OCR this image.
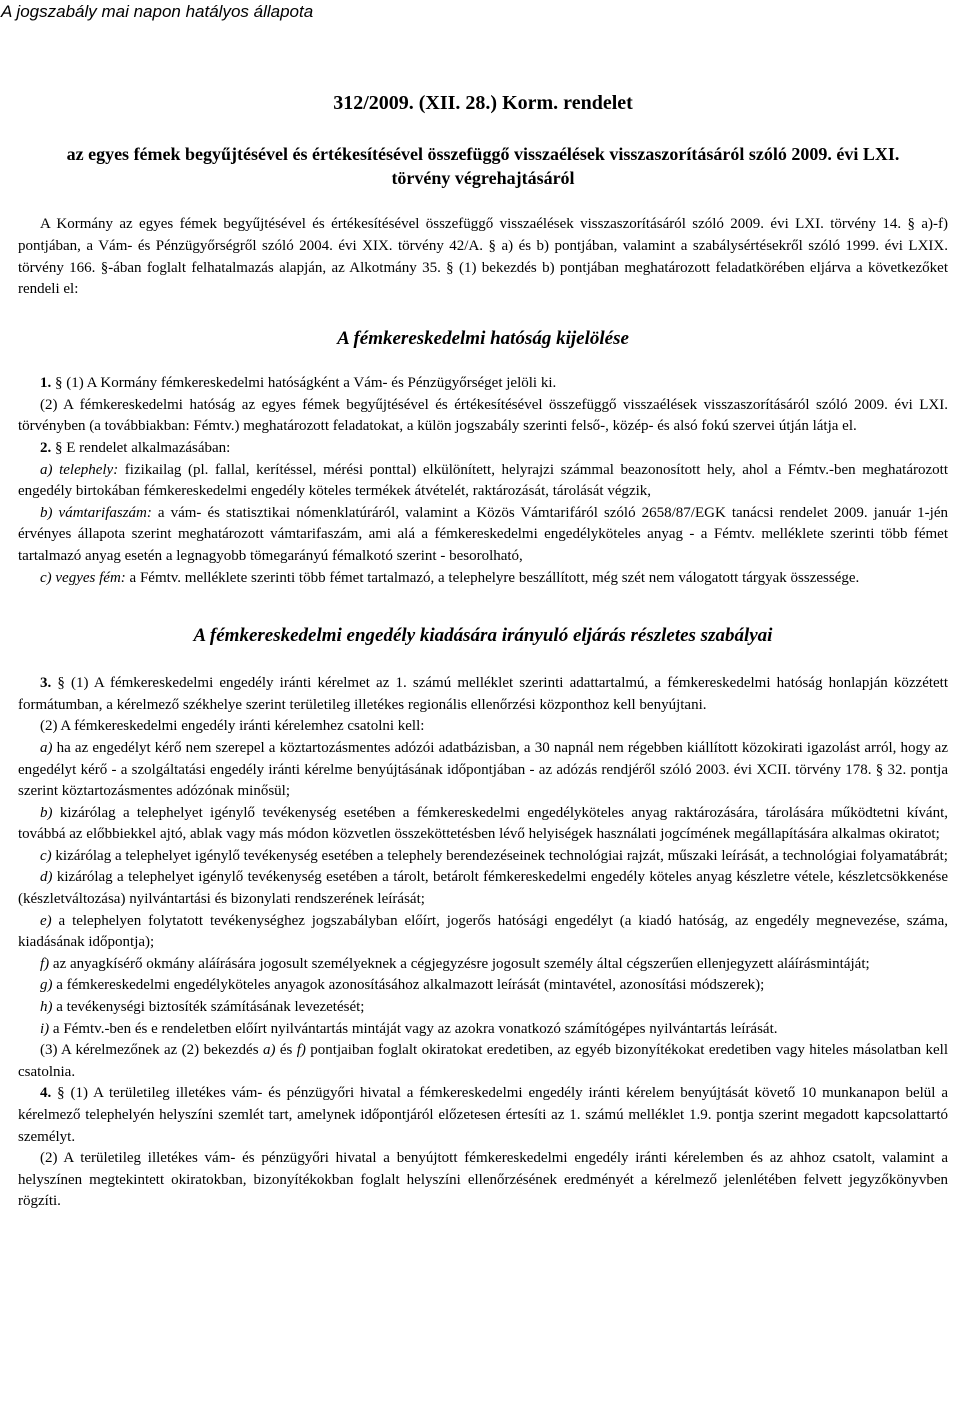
A jogszabály mai napon hatályos állapota
312/2009. (XII. 28.) Korm. rendelet
az egyes fémek begyűjtésével és értékesítésével összefüggő visszaélések visszaszorításáról szóló 2009. évi LXI. törvény végrehajtásáról

A Kormány az egyes fémek begyűjtésével és értékesítésével összefüggő visszaélések visszaszorításáról szóló 2009. évi LXI. törvény 14. § a)-f) pontjában, a Vám- és Pénzügyőrségről szóló 2004. évi XIX. törvény 42/A. § a) és b) pontjában, valamint a szabálysértésekről szóló 1999. évi LXIX. törvény 166. §-ában foglalt felhatalmazás alapján, az Alkotmány 35. § (1) bekezdés b) pontjában meghatározott feladatkörében eljárva a következőket rendeli el:

A fémkereskedelmi hatóság kijelölése

1. § (1) A Kormány fémkereskedelmi hatóságként a Vám- és Pénzügyőrséget jelöli ki.

(2) A fémkereskedelmi hatóság az egyes fémek begyűjtésével és értékesítésével összefüggő visszaélések visszaszorításáról szóló 2009. évi LXI. törvényben (a továbbiakban: Fémtv.) meghatározott feladatokat, a külön jogszabály szerinti felső-, közép- és alsó fokú szervei útján látja el.

2. § E rendelet alkalmazásában:

a) telephely: fizikailag (pl. fallal, kerítéssel, mérési ponttal) elkülönített, helyrajzi számmal beazonosított hely, ahol a Fémtv.-ben meghatározott engedély birtokában fémkereskedelmi engedély köteles termékek átvételét, raktározását, tárolását végzik,

b) vámtarifaszám: a vám- és statisztikai nómenklatúráról, valamint a Közös Vámtarifáról szóló 2658/87/EGK tanácsi rendelet 2009. január 1-jén érvényes állapota szerint meghatározott vámtarifaszám, ami alá a fémkereskedelmi engedélyköteles anyag - a Fémtv. melléklete szerinti több fémet tartalmazó anyag esetén a legnagyobb tömegarányú fémalkotó szerint - besorolható,

c) vegyes fém: a Fémtv. melléklete szerinti több fémet tartalmazó, a telephelyre beszállított, még szét nem válogatott tárgyak összessége.

A fémkereskedelmi engedély kiadására irányuló eljárás részletes szabályai

3. § (1) A fémkereskedelmi engedély iránti kérelmet az 1. számú melléklet szerinti adattartalmú, a fémkereskedelmi hatóság honlapján közzétett formátumban, a kérelmező székhelye szerint területileg illetékes regionális ellenőrzési központhoz kell benyújtani.

(2) A fémkereskedelmi engedély iránti kérelemhez csatolni kell:

a) ha az engedélyt kérő nem szerepel a köztartozásmentes adózói adatbázisban, a 30 napnál nem régebben kiállított közokirati igazolást arról, hogy az engedélyt kérő - a szolgáltatási engedély iránti kérelme benyújtásának időpontjában - az adózás rendjéről szóló 2003. évi XCII. törvény 178. § 32. pontja szerint köztartozásmentes adózónak minősül;

b) kizárólag a telephelyet igénylő tevékenység esetében a fémkereskedelmi engedélyköteles anyag raktározására, tárolására működtetni kívánt, továbbá az előbbiekkel ajtó, ablak vagy más módon közvetlen összeköttetésben lévő helyiségek használati jogcímének megállapítására alkalmas okiratot;

c) kizárólag a telephelyet igénylő tevékenység esetében a telephely berendezéseinek technológiai rajzát, műszaki leírását, a technológiai folyamatábrát;

d) kizárólag a telephelyet igénylő tevékenység esetében a tárolt, betárolt fémkereskedelmi engedély köteles anyag készletre vétele, készletcsökkenése (készletváltozása) nyilvántartási és bizonylati rendszerének leírását;

e) a telephelyen folytatott tevékenységhez jogszabályban előírt, jogerős hatósági engedélyt (a kiadó hatóság, az engedély megnevezése, száma, kiadásának időpontja);

f) az anyagkísérő okmány aláírására jogosult személyeknek a cégjegyzésre jogosult személy által cégszerűen ellenjegyzett aláírásmintáját;

g) a fémkereskedelmi engedélyköteles anyagok azonosításához alkalmazott leírását (mintavétel, azonosítási módszerek);

h) a tevékenységi biztosíték számításának levezetését;

i) a Fémtv.-ben és e rendeletben előírt nyilvántartás mintáját vagy az azokra vonatkozó számítógépes nyilvántartás leírását.

(3) A kérelmezőnek az (2) bekezdés a) és f) pontjaiban foglalt okiratokat eredetiben, az egyéb bizonyítékokat eredetiben vagy hiteles másolatban kell csatolnia.

4. § (1) A területileg illetékes vám- és pénzügyőri hivatal a fémkereskedelmi engedély iránti kérelem benyújtását követő 10 munkanapon belül a kérelmező telephelyén helyszíni szemlét tart, amelynek időpontjáról előzetesen értesíti az 1. számú melléklet 1.9. pontja szerint megadott kapcsolattartó személyt.

(2) A területileg illetékes vám- és pénzügyőri hivatal a benyújtott fémkereskedelmi engedély iránti kérelemben és az ahhoz csatolt, valamint a helyszínen megtekintett okiratokban, bizonyítékokban foglalt helyszíni ellenőrzésének eredményét a kérelmező jelenlétében felvett jegyzőkönyvben rögzíti.
